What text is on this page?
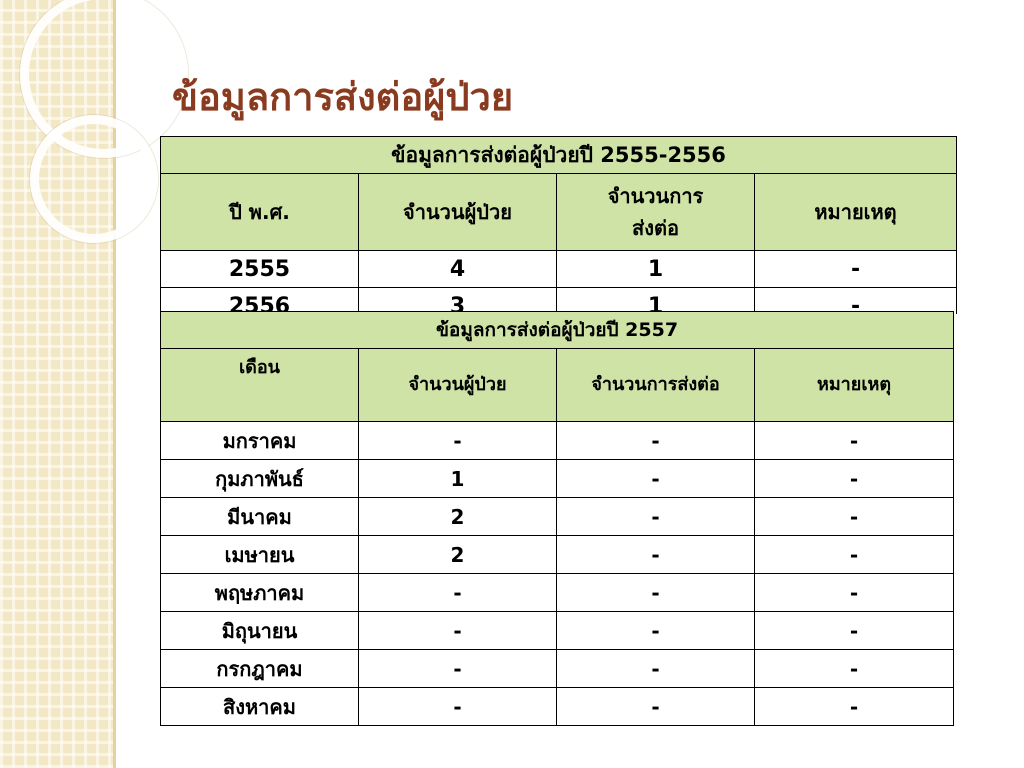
ข้อมูลการส่งต่อผู้ป่วย
ข้อมูลการส่งต่อผู้ป่วยปี 2555-2556			
ปี พ.ศ.	จำนวนผู้ป่วย	จำนวนการส่งต่อ	หมายเหตุ
2555	4	1	-
2556	3	1	-
ข้อมูลการส่งต่อผู้ป่วยปี 2557			
เดือน	จำนวนผู้ป่วย	จำนวนการส่งต่อ	หมายเหตุ
มกราคม	-	-	-
กุมภาพันธ์	1	-	-
มีนาคม	2	-	-
เมษายน	2	-	-
พฤษภาคม	-	-	-
มิถุนายน	-	-	-
กรกฎาคม	-	-	-
สิงหาคม	-	-	-
